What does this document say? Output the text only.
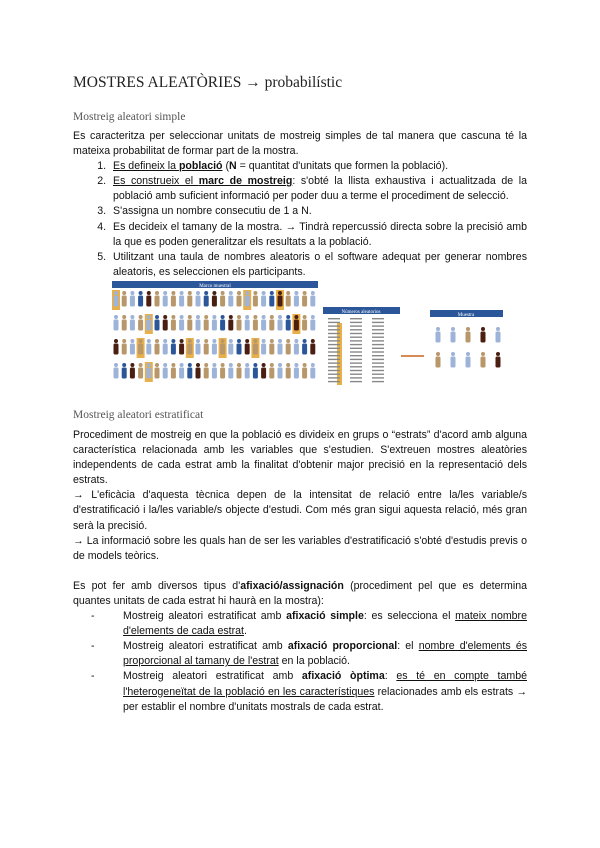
MOSTRES ALEATÒRIES → probabilístic
Mostreig aleatori simple
Es caracteritza per seleccionar unitats de mostreig simples de tal manera que cascuna té la mateixa probabilitat de formar part de la mostra.
1. Es defineix la població (N = quantitat d'unitats que formen la població).
2. Es construeix el marc de mostreig: s'obté la llista exhaustiva i actualitzada de la població amb suficient informació per poder duu a terme el procediment de selecció.
3. S'assigna un nombre consecutiu de 1 a N.
4. Es decideix el tamany de la mostra. → Tindrà repercussió directa sobre la precisió amb la que es poden generalitzar els resultats a la població.
5. Utilitzant una taula de nombres aleatoris o el software adequat per generar nombres aleatoris, es seleccionen els participants.
Marco muestral
Números aleatorios
Muestra
Mostreig aleatori estratificat
Procediment de mostreig en que la població es divideix en grups o “estrats” d'acord amb alguna característica relacionada amb les variables que s'estudien. S'extreuen mostres aleatòries independents de cada estrat amb la finalitat d'obtenir major precisió en la representació dels estrats.
→ L'eficàcia d'aquesta tècnica depen de la intensitat de relació entre la/les variable/s d'estratificació i la/les variable/s objecte d'estudi. Com més gran sigui aquesta relació, més gran serà la precisió.
→ La informació sobre les quals han de ser les variables d'estratificació s'obté d'estudis previs o de models teòrics.
Es pot fer amb diversos tipus d'afixació/assignación (procediment pel que es determina quantes unitats de cada estrat hi haurà en la mostra):
- Mostreig aleatori estratificat amb afixació simple: es selecciona el mateix nombre d'elements de cada estrat.
- Mostreig aleatori estratificat amb afixació proporcional: el nombre d'elements és proporcional al tamany de l'estrat en la població.
- Mostreig aleatori estratificat amb afixació òptima: es té en compte també l'heterogeneïtat de la població en les característiques relacionades amb els estrats → per establir el nombre d'unitats mostrals de cada estrat.
